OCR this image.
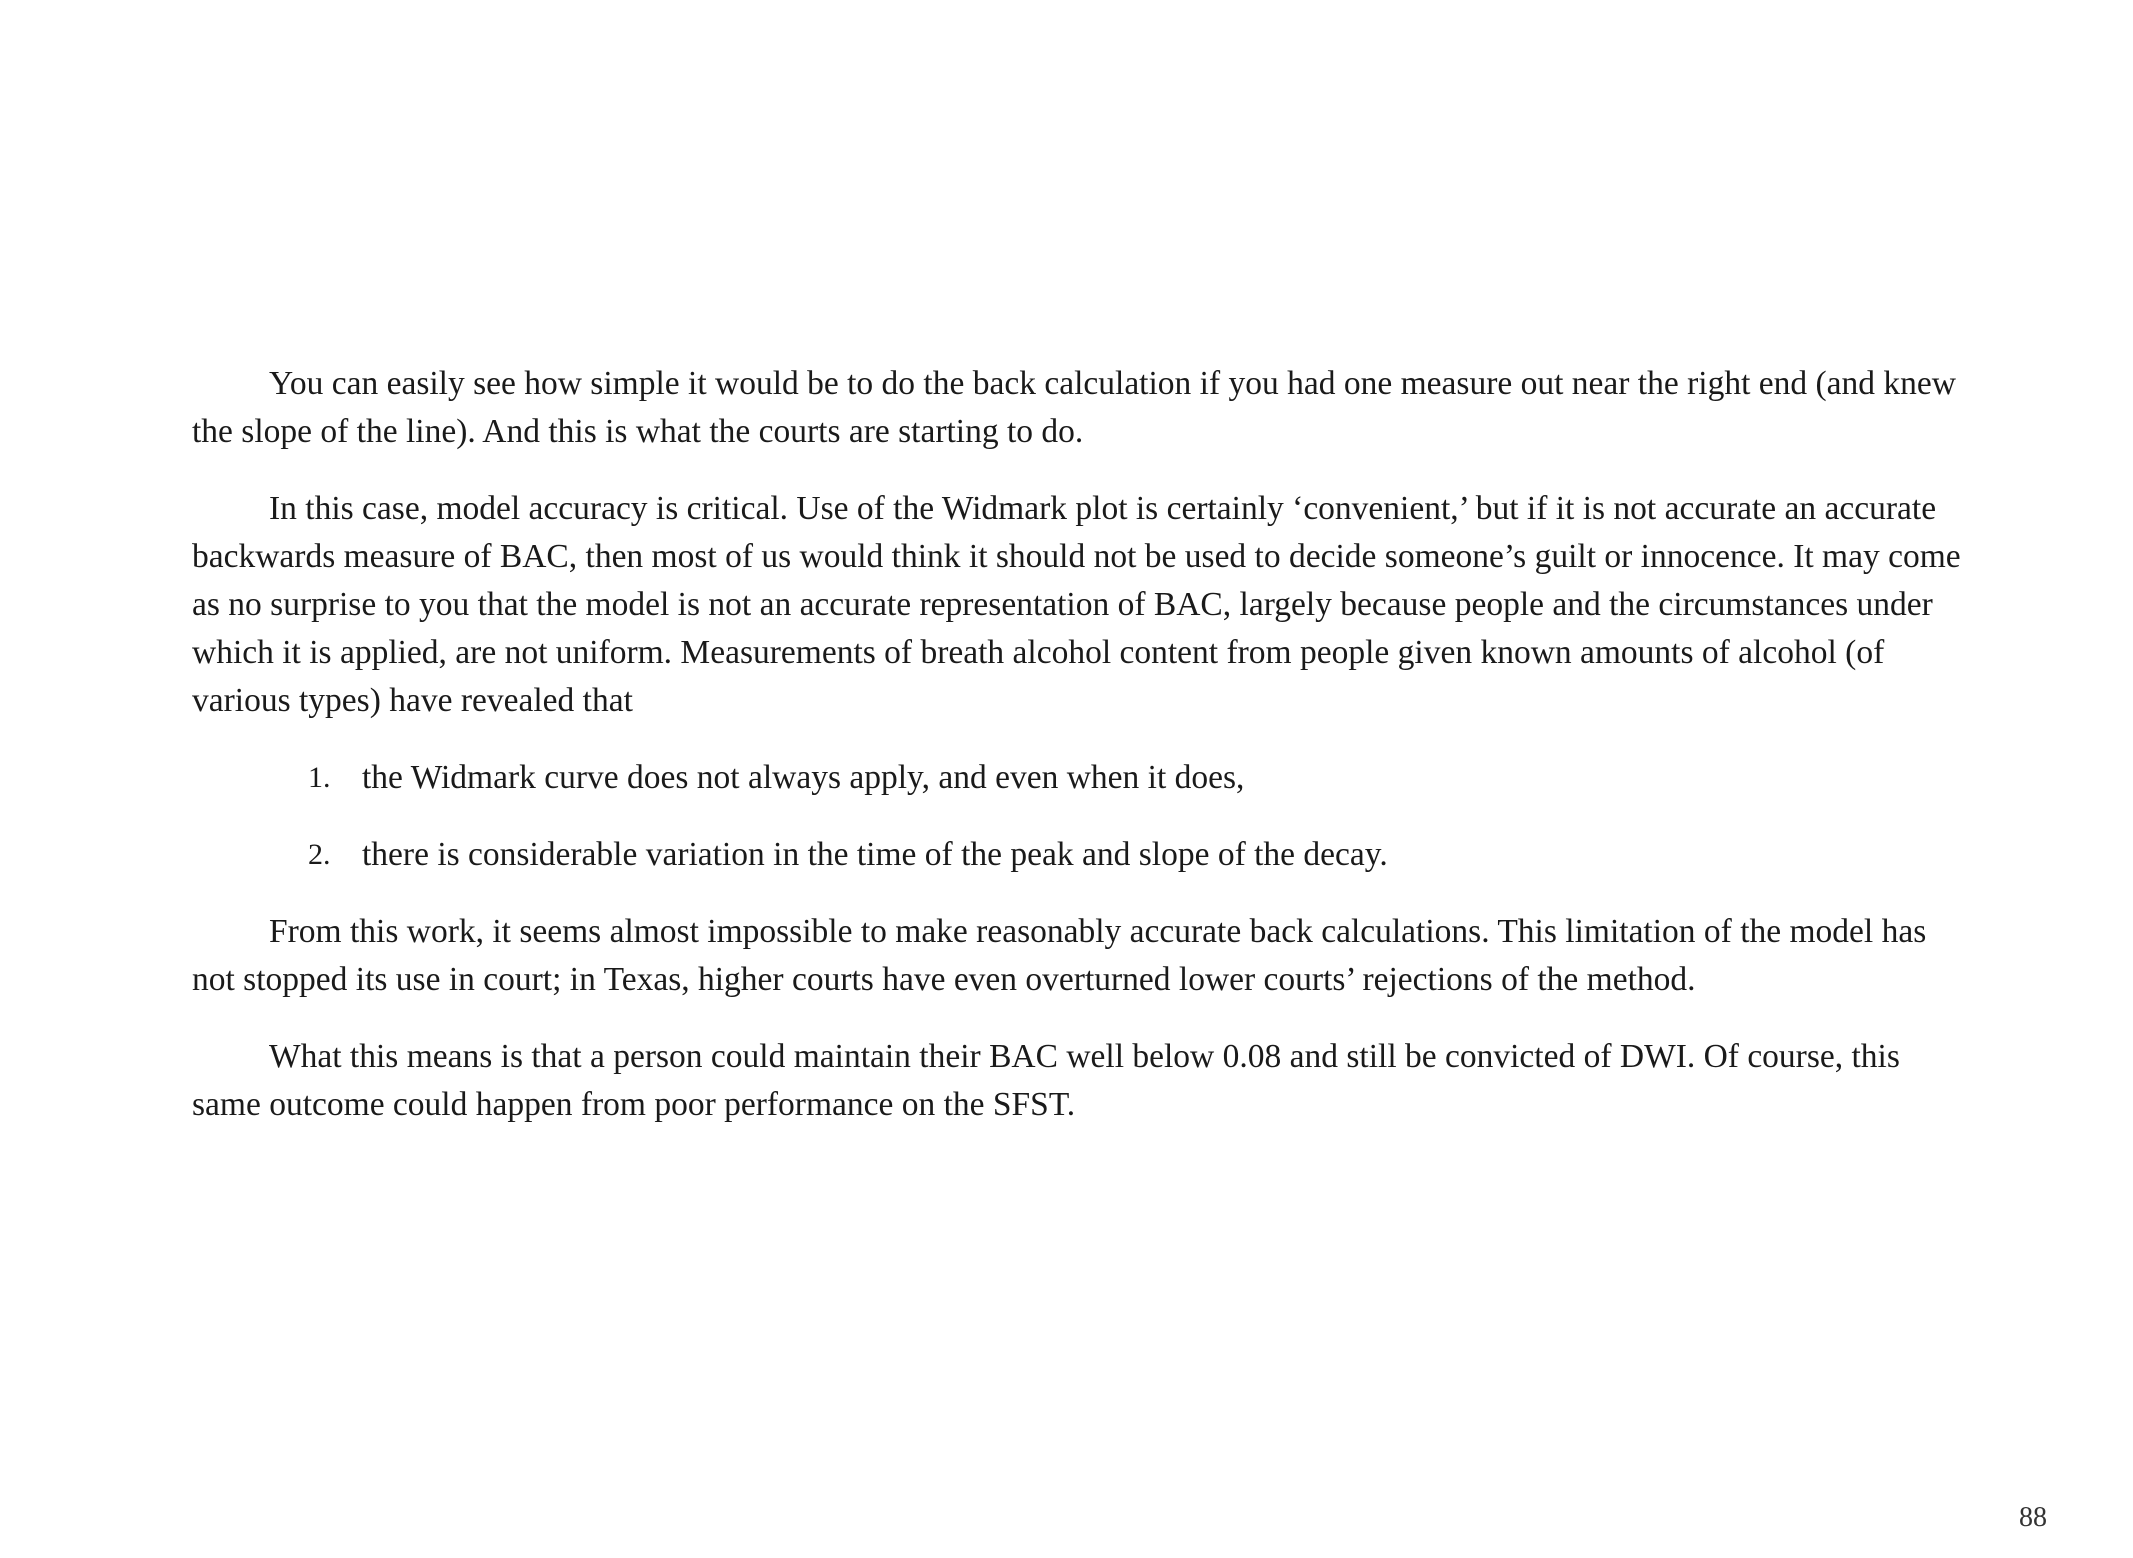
You can easily see how simple it would be to do the back calculation if you had one measure out near the right end (and knew the slope of the line). And this is what the courts are starting to do.

In this case, model accuracy is critical. Use of the Widmark plot is certainly ‘convenient,’ but if it is not accurate an accurate backwards measure of BAC, then most of us would think it should not be used to decide someone’s guilt or innocence. It may come as no surprise to you that the model is not an accurate representation of BAC, largely because people and the circumstances under which it is applied, are not uniform. Measurements of breath alcohol content from people given known amounts of alcohol (of various types) have revealed that

1. the Widmark curve does not always apply, and even when it does,
2. there is considerable variation in the time of the peak and slope of the decay.

From this work, it seems almost impossible to make reasonably accurate back calculations. This limitation of the model has not stopped its use in court; in Texas, higher courts have even overturned lower courts’ rejections of the method.

What this means is that a person could maintain their BAC well below 0.08 and still be convicted of DWI. Of course, this same outcome could happen from poor performance on the SFST.

88
